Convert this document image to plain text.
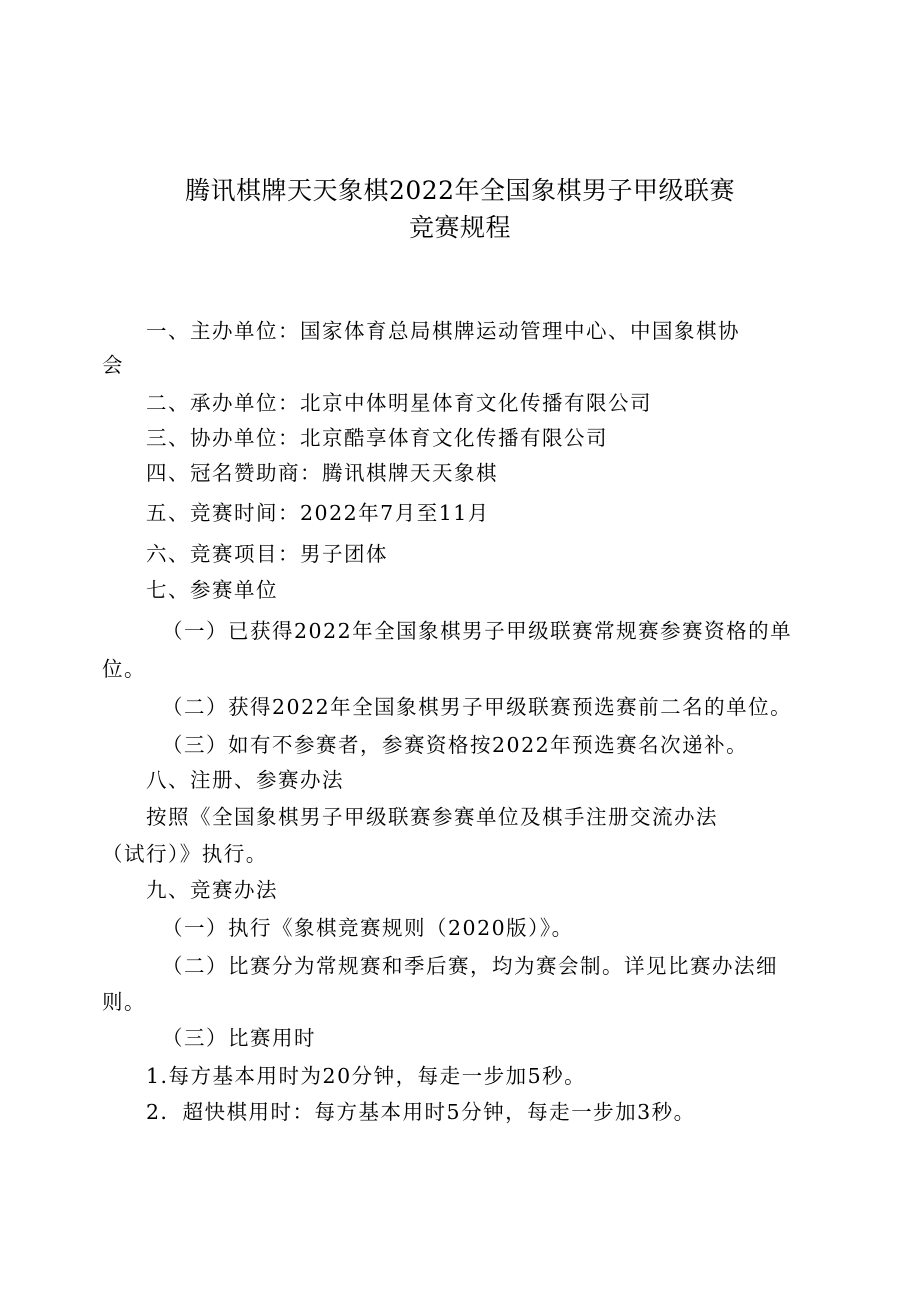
腾讯棋牌天天象棋2022年全国象棋男子甲级联赛
竞赛规程
一、主办单位：国家体育总局棋牌运动管理中心、中国象棋协
会
二、承办单位：北京中体明星体育文化传播有限公司
三、协办单位：北京酷享体育文化传播有限公司
四、冠名赞助商：腾讯棋牌天天象棋
五、竞赛时间：2022年7月至11月
六、竞赛项目：男子团体
七、参赛单位
（一）已获得2022年全国象棋男子甲级联赛常规赛参赛资格的单
位。
（二）获得2022年全国象棋男子甲级联赛预选赛前二名的单位。
（三）如有不参赛者，参赛资格按2022年预选赛名次递补。
八、注册、参赛办法
按照《全国象棋男子甲级联赛参赛单位及棋手注册交流办法
（试行）》执行。
九、竞赛办法
（一）执行《象棋竞赛规则（2020版）》。
（二）比赛分为常规赛和季后赛，均为赛会制。详见比赛办法细
则。
（三）比赛用时
1.每方基本用时为20分钟，每走一步加5秒。
2．超快棋用时：每方基本用时5分钟，每走一步加3秒。
